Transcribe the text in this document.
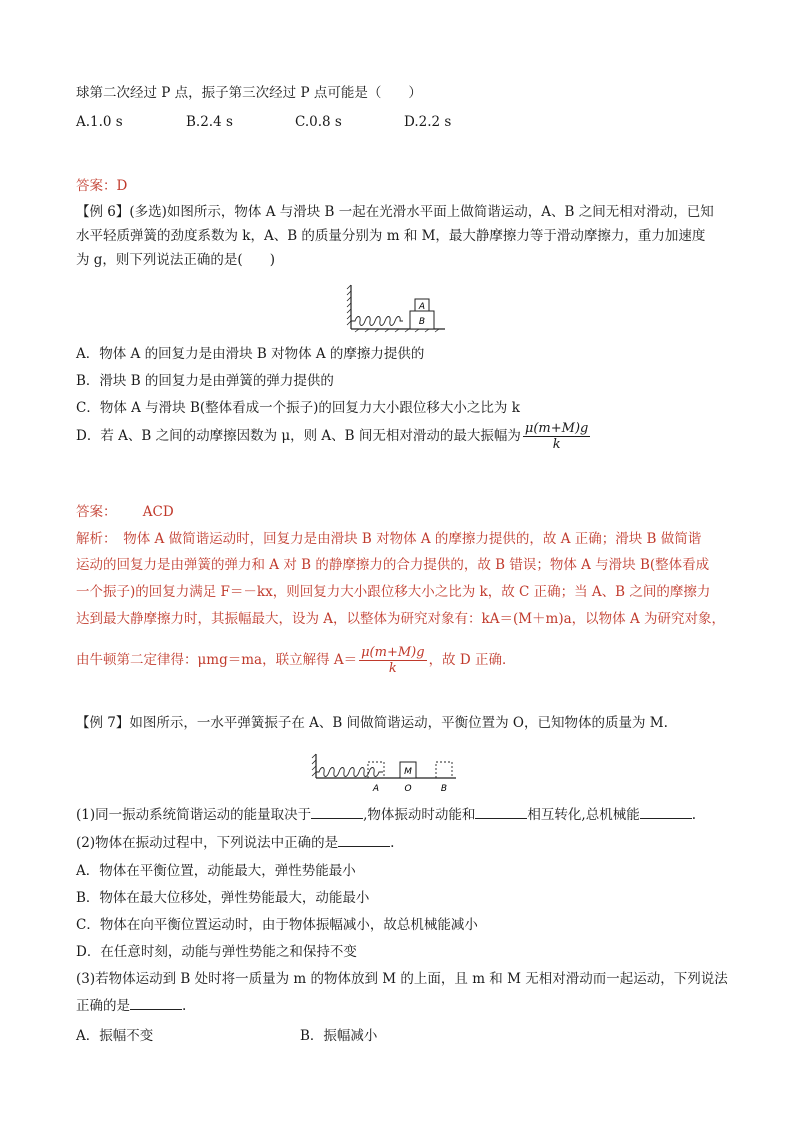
球第二次经过 P 点，振子第三次经过 P 点可能是（　　）
A.1.0 s	B.2.4 s	C.0.8 s	D.2.2 s
答案：D
【例 6】(多选)如图所示，物体 A 与滑块 B 一起在光滑水平面上做简谐运动，A、B 之间无相对滑动，已知
水平轻质弹簧的劲度系数为 k，A、B 的质量分别为 m 和 M，最大静摩擦力等于滑动摩擦力，重力加速度
为 g，则下列说法正确的是(　　)
A
B
A．物体 A 的回复力是由滑块 B 对物体 A 的摩擦力提供的
B．滑块 B 的回复力是由弹簧的弹力提供的
C．物体 A 与滑块 B(整体看成一个振子)的回复力大小跟位移大小之比为 k
D．若 A、B 之间的动摩擦因数为 μ，则 A、B 间无相对滑动的最大振幅为 $\frac{\mu(m+M)g}{k}$
答案： ACD
解析：　物体 A 做简谐运动时，回复力是由滑块 B 对物体 A 的摩擦力提供的，故 A 正确；滑块 B 做简谐
运动的回复力是由弹簧的弹力和 A 对 B 的静摩擦力的合力提供的，故 B 错误；物体 A 与滑块 B(整体看成
一个振子)的回复力满足 F＝－kx，则回复力大小跟位移大小之比为 k，故 C 正确；当 A、B 之间的摩擦力
达到最大静摩擦力时，其振幅最大，设为 A，以整体为研究对象有：kA＝(M＋m)a，以物体 A 为研究对象，
由牛顿第二定律得：μmg＝ma，联立解得 $A= \frac{\mu(m+M)g}{k}$ ，故 D 正确．
【例 7】如图所示，一水平弹簧振子在 A、B 间做简谐运动，平衡位置为 O，已知物体的质量为 M.
M
A	O	B
(1)同一振动系统简谐运动的能量取决于	,物体振动时动能和	相互转化,总机械能	.
(2)物体在振动过程中，下列说法中正确的是	.
A．物体在平衡位置，动能最大，弹性势能最小
B．物体在最大位移处，弹性势能最大，动能最小
C．物体在向平衡位置运动时，由于物体振幅减小，故总机械能减小
D．在任意时刻，动能与弹性势能之和保持不变
(3)若物体运动到 B 处时将一质量为 m 的物体放到 M 的上面，且 m 和 M 无相对滑动而一起运动，下列说法
正确的是	.
A．振幅不变	B．振幅减小
